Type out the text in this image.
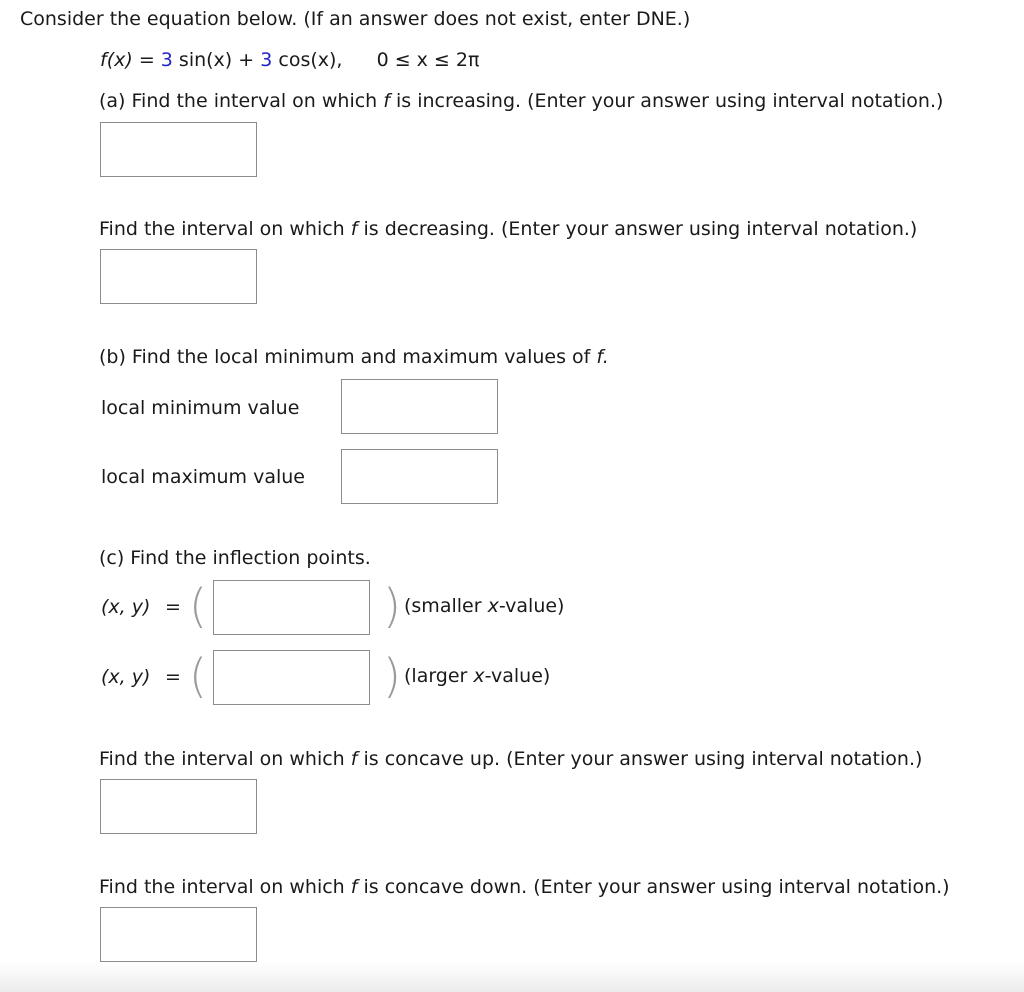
Consider the equation below. (If an answer does not exist, enter DNE.)
f(x) = 3 sin(x) + 3 cos(x), 0 ≤ x ≤ 2π
(a) Find the interval on which f is increasing. (Enter your answer using interval notation.)
Find the interval on which f is decreasing. (Enter your answer using interval notation.)
(b) Find the local minimum and maximum values of f.
local minimum value
local maximum value
(c) Find the inflection points.
(x, y) = (	) (smaller x-value)
(x, y) = (	) (larger x-value)
Find the interval on which f is concave up. (Enter your answer using interval notation.)
Find the interval on which f is concave down. (Enter your answer using interval notation.)
